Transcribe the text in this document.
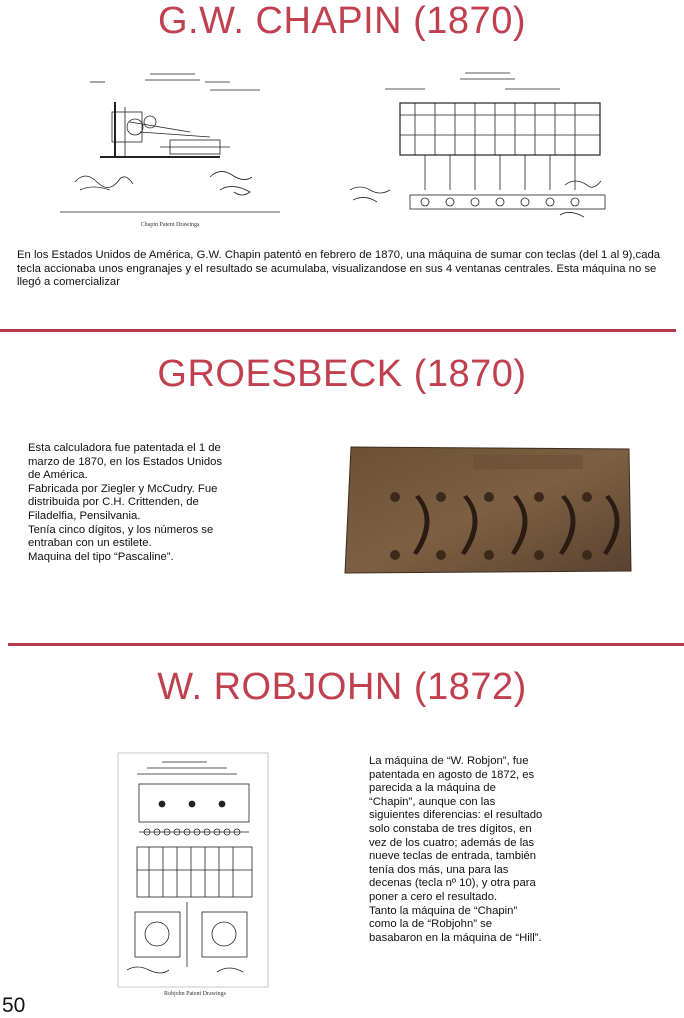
G.W. CHAPIN (1870)
Chapin Patent Drawings
En los Estados Unidos de América, G.W. Chapin patentó en febrero de 1870, una máquina de sumar con teclas (del 1 al 9),cada tecla accionaba unos engranajes y el resultado se acumulaba, visualizandose en sus 4 ventanas centrales. Esta máquina no se llegó a comercializar
GROESBECK (1870)
Esta calculadora fue patentada el 1 de
marzo de 1870, en los Estados Unidos
de América.
Fabricada por Ziegler y McCudry. Fue
distribuida por C.H. Crittenden, de
Filadelfia, Pensilvania.
Tenía cinco dígitos, y los números se
entraban con un estilete.
Maquina del tipo “Pascaline”.
W. ROBJOHN (1872)
Robjohn Patent Drawings
La máquina de “W. Robjon”, fue
patentada en agosto de 1872, es
parecida a la máquina de
“Chapin”, aunque con las
siguientes diferencias: el resultado
solo constaba de tres dígitos, en
vez de los cuatro; además de las
nueve teclas de entrada, también
tenía dos más, una para las
decenas (tecla nº 10), y otra para
poner a cero el resultado.
Tanto la máquina de “Chapin”
como la de “Robjohn” se
basabaron en la máquina de “Hill”.
50
